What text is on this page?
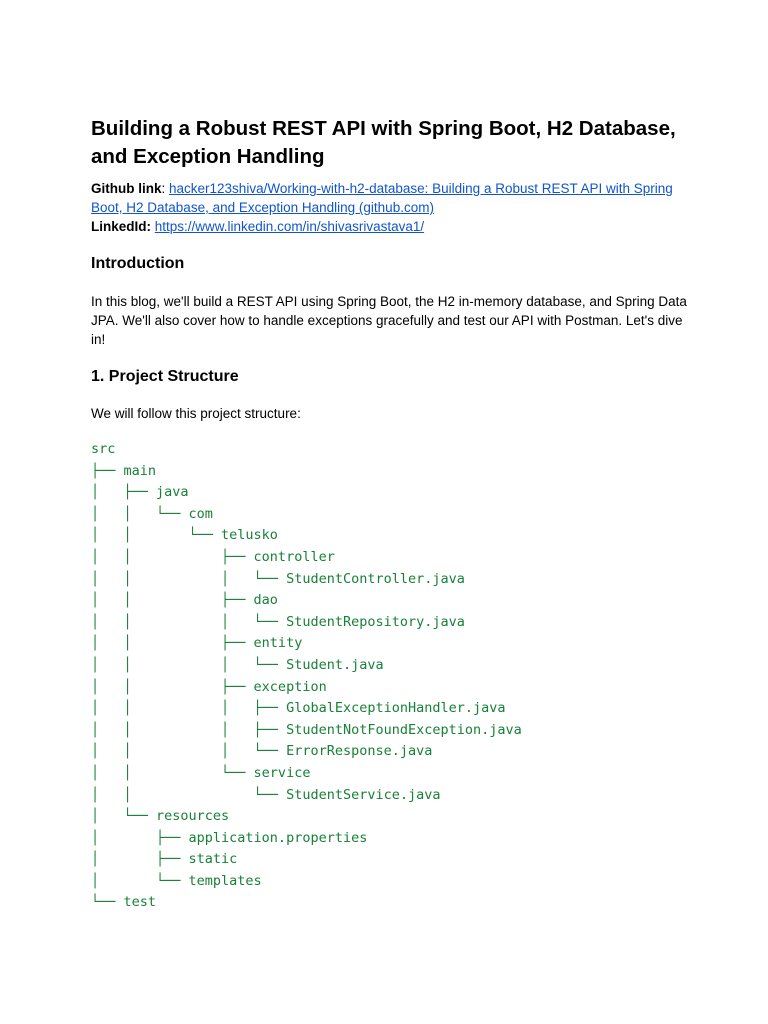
Building a Robust REST API with Spring Boot, H2 Database, and Exception Handling
Github link: hacker123shiva/Working-with-h2-database: Building a Robust REST API with Spring Boot, H2 Database, and Exception Handling (github.com)
LinkedId: https://www.linkedin.com/in/shivasrivastava1/
Introduction

In this blog, we'll build a REST API using Spring Boot, the H2 in-memory database, and Spring Data JPA. We'll also cover how to handle exceptions gracefully and test our API with Postman. Let's dive in!

1. Project Structure

We will follow this project structure:

src
├── main
│   ├── java
│   │   └── com
│   │       └── telusko
│   │           ├── controller
│   │           │   └── StudentController.java
│   │           ├── dao
│   │           │   └── StudentRepository.java
│   │           ├── entity
│   │           │   └── Student.java
│   │           ├── exception
│   │           │   ├── GlobalExceptionHandler.java
│   │           │   ├── StudentNotFoundException.java
│   │           │   └── ErrorResponse.java
│   │           └── service
│   │               └── StudentService.java
│   └── resources
│       ├── application.properties
│       ├── static
│       └── templates
└── test
